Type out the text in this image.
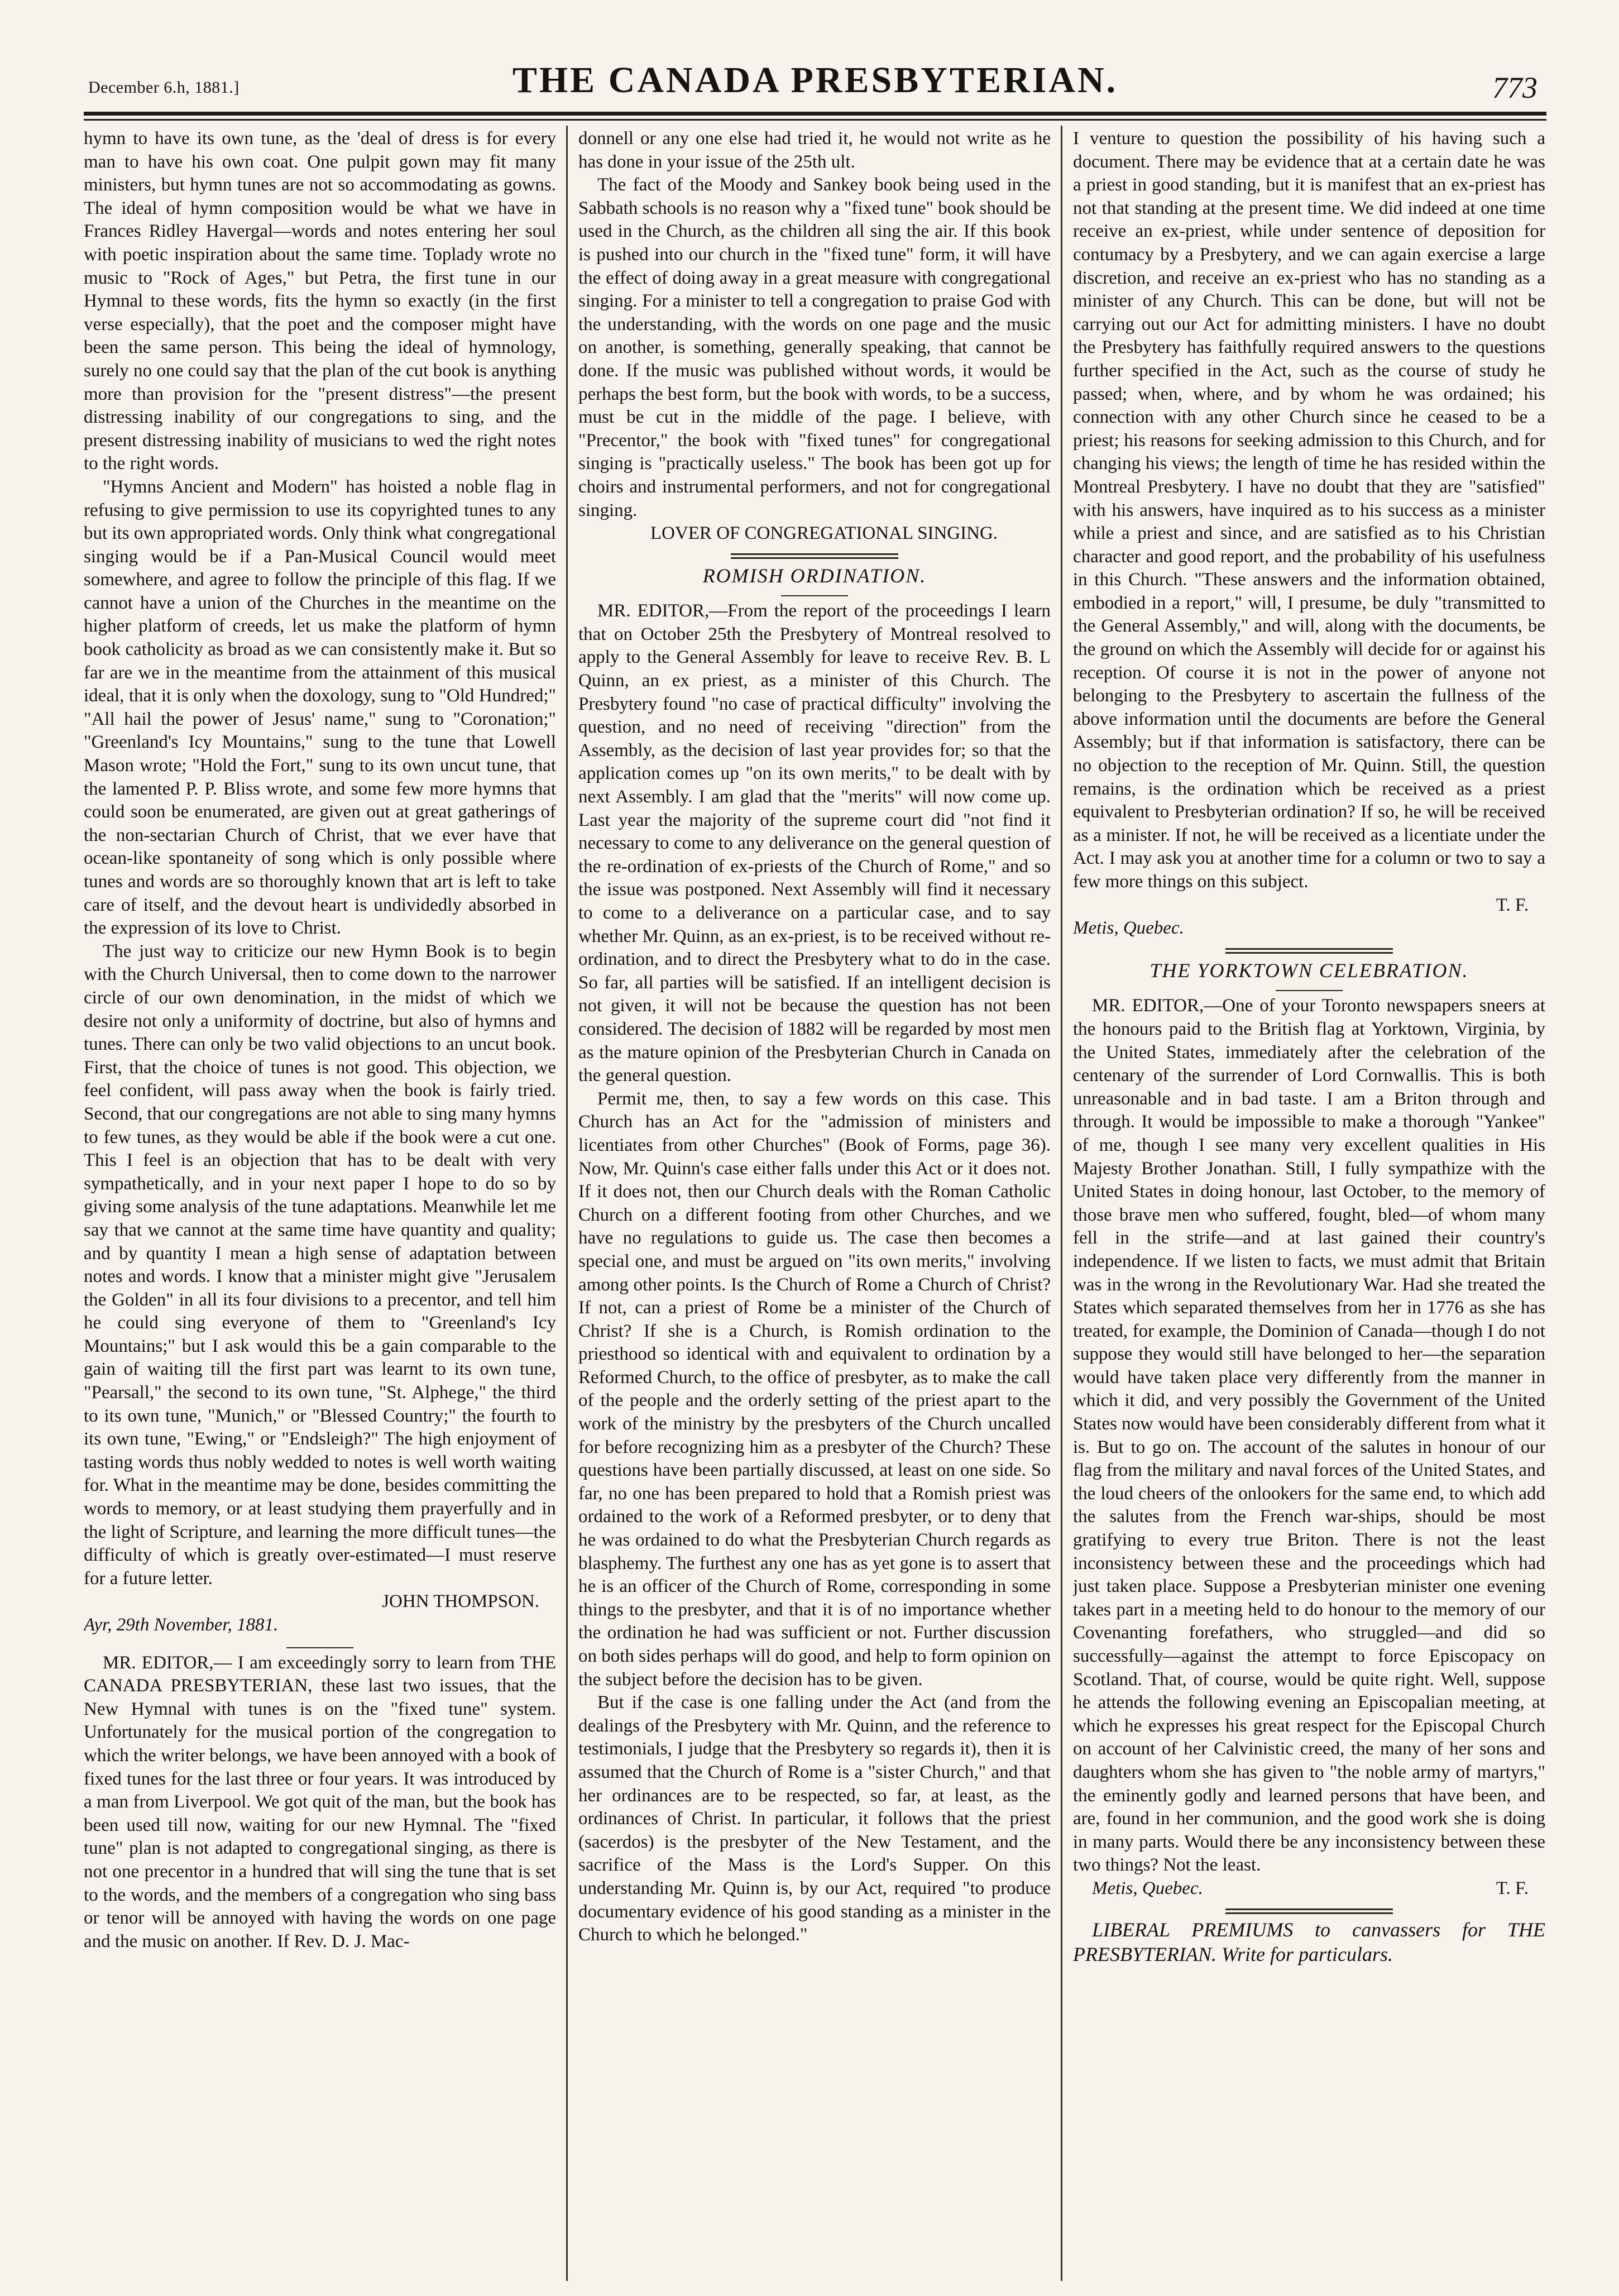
December 6.h, 1881.]	THE CANADA PRESBYTERIAN.	773

hymn to have its own tune, as the 'deal of dress is for every man to have his own coat. One pulpit gown may fit many ministers, but hymn tunes are not so accommodating as gowns. The ideal of hymn composition would be what we have in Frances Ridley Havergal—words and notes entering her soul with poetic inspiration about the same time. Toplady wrote no music to "Rock of Ages," but Petra, the first tune in our Hymnal to these words, fits the hymn so exactly (in the first verse especially), that the poet and the composer might have been the same person. This being the ideal of hymnology, surely no one could say that the plan of the cut book is anything more than provision for the "present distress"—the present distressing inability of our congregations to sing, and the present distressing inability of musicians to wed the right notes to the right words.

"Hymns Ancient and Modern" has hoisted a noble flag in refusing to give permission to use its copyrighted tunes to any but its own appropriated words. Only think what congregational singing would be if a Pan-Musical Council would meet somewhere, and agree to follow the principle of this flag. If we cannot have a union of the Churches in the meantime on the higher platform of creeds, let us make the platform of hymn book catholicity as broad as we can consistently make it. But so far are we in the meantime from the attainment of this musical ideal, that it is only when the doxology, sung to "Old Hundred;" "All hail the power of Jesus' name," sung to "Coronation;" "Greenland's Icy Mountains," sung to the tune that Lowell Mason wrote; "Hold the Fort," sung to its own uncut tune, that the lamented P. P. Bliss wrote, and some few more hymns that could soon be enumerated, are given out at great gatherings of the non-sectarian Church of Christ, that we ever have that ocean-like spontaneity of song which is only possible where tunes and words are so thoroughly known that art is left to take care of itself, and the devout heart is undividedly absorbed in the expression of its love to Christ.

The just way to criticize our new Hymn Book is to begin with the Church Universal, then to come down to the narrower circle of our own denomination, in the midst of which we desire not only a uniformity of doctrine, but also of hymns and tunes. There can only be two valid objections to an uncut book. First, that the choice of tunes is not good. This objection, we feel confident, will pass away when the book is fairly tried. Second, that our congregations are not able to sing many hymns to few tunes, as they would be able if the book were a cut one. This I feel is an objection that has to be dealt with very sympathetically, and in your next paper I hope to do so by giving some analysis of the tune adaptations. Meanwhile let me say that we cannot at the same time have quantity and quality; and by quantity I mean a high sense of adaptation between notes and words. I know that a minister might give "Jerusalem the Golden" in all its four divisions to a precentor, and tell him he could sing everyone of them to "Greenland's Icy Mountains;" but I ask would this be a gain comparable to the gain of waiting till the first part was learnt to its own tune, "Pearsall," the second to its own tune, "St. Alphege," the third to its own tune, "Munich," or "Blessed Country;" the fourth to its own tune, "Ewing," or "Endsleigh?" The high enjoyment of tasting words thus nobly wedded to notes is well worth waiting for. What in the meantime may be done, besides committing the words to memory, or at least studying them prayerfully and in the light of Scripture, and learning the more difficult tunes—the difficulty of which is greatly over-estimated—I must reserve for a future letter.

JOHN THOMPSON.

Ayr, 29th November, 1881.

MR. EDITOR,— I am exceedingly sorry to learn from THE CANADA PRESBYTERIAN, these last two issues, that the New Hymnal with tunes is on the "fixed tune" system. Unfortunately for the musical portion of the congregation to which the writer belongs, we have been annoyed with a book of fixed tunes for the last three or four years. It was introduced by a man from Liverpool. We got quit of the man, but the book has been used till now, waiting for our new Hymnal. The "fixed tune" plan is not adapted to congregational singing, as there is not one precentor in a hundred that will sing the tune that is set to the words, and the members of a congregation who sing bass or tenor will be annoyed with having the words on one page and the music on another. If Rev. D. J. Mac-

donnell or any one else had tried it, he would not write as he has done in your issue of the 25th ult.

The fact of the Moody and Sankey book being used in the Sabbath schools is no reason why a "fixed tune" book should be used in the Church, as the children all sing the air. If this book is pushed into our church in the "fixed tune" form, it will have the effect of doing away in a great measure with congregational singing. For a minister to tell a congregation to praise God with the understanding, with the words on one page and the music on another, is something, generally speaking, that cannot be done. If the music was published without words, it would be perhaps the best form, but the book with words, to be a success, must be cut in the middle of the page. I believe, with "Precentor," the book with "fixed tunes" for congregational singing is "practically useless." The book has been got up for choirs and instrumental performers, and not for congregational singing.

LOVER OF CONGREGATIONAL SINGING.

ROMISH ORDINATION.

MR. EDITOR,—From the report of the proceedings I learn that on October 25th the Presbytery of Montreal resolved to apply to the General Assembly for leave to receive Rev. B. L Quinn, an ex priest, as a minister of this Church. The Presbytery found "no case of practical difficulty" involving the question, and no need of receiving "direction" from the Assembly, as the decision of last year provides for; so that the application comes up "on its own merits," to be dealt with by next Assembly. I am glad that the "merits" will now come up. Last year the majority of the supreme court did "not find it necessary to come to any deliverance on the general question of the re-ordination of ex-priests of the Church of Rome," and so the issue was postponed. Next Assembly will find it necessary to come to a deliverance on a particular case, and to say whether Mr. Quinn, as an ex-priest, is to be received without re-ordination, and to direct the Presbytery what to do in the case. So far, all parties will be satisfied. If an intelligent decision is not given, it will not be because the question has not been considered. The decision of 1882 will be regarded by most men as the mature opinion of the Presbyterian Church in Canada on the general question.

Permit me, then, to say a few words on this case. This Church has an Act for the "admission of ministers and licentiates from other Churches" (Book of Forms, page 36). Now, Mr. Quinn's case either falls under this Act or it does not. If it does not, then our Church deals with the Roman Catholic Church on a different footing from other Churches, and we have no regulations to guide us. The case then becomes a special one, and must be argued on "its own merits," involving among other points. Is the Church of Rome a Church of Christ? If not, can a priest of Rome be a minister of the Church of Christ? If she is a Church, is Romish ordination to the priesthood so identical with and equivalent to ordination by a Reformed Church, to the office of presbyter, as to make the call of the people and the orderly setting of the priest apart to the work of the ministry by the presbyters of the Church uncalled for before recognizing him as a presbyter of the Church? These questions have been partially discussed, at least on one side. So far, no one has been prepared to hold that a Romish priest was ordained to the work of a Reformed presbyter, or to deny that he was ordained to do what the Presbyterian Church regards as blasphemy. The furthest any one has as yet gone is to assert that he is an officer of the Church of Rome, corresponding in some things to the presbyter, and that it is of no importance whether the ordination he had was sufficient or not. Further discussion on both sides perhaps will do good, and help to form opinion on the subject before the decision has to be given.

But if the case is one falling under the Act (and from the dealings of the Presbytery with Mr. Quinn, and the reference to testimonials, I judge that the Presbytery so regards it), then it is assumed that the Church of Rome is a "sister Church," and that her ordinances are to be respected, so far, at least, as the ordinances of Christ. In particular, it follows that the priest (sacerdos) is the presbyter of the New Testament, and the sacrifice of the Mass is the Lord's Supper. On this understanding Mr. Quinn is, by our Act, required "to produce documentary evidence of his good standing as a minister in the Church to which he belonged."

I venture to question the possibility of his having such a document. There may be evidence that at a certain date he was a priest in good standing, but it is manifest that an ex-priest has not that standing at the present time. We did indeed at one time receive an ex-priest, while under sentence of deposition for contumacy by a Presbytery, and we can again exercise a large discretion, and receive an ex-priest who has no standing as a minister of any Church. This can be done, but will not be carrying out our Act for admitting ministers. I have no doubt the Presbytery has faithfully required answers to the questions further specified in the Act, such as the course of study he passed; when, where, and by whom he was ordained; his connection with any other Church since he ceased to be a priest; his reasons for seeking admission to this Church, and for changing his views; the length of time he has resided within the Montreal Presbytery. I have no doubt that they are "satisfied" with his answers, have inquired as to his success as a minister while a priest and since, and are satisfied as to his Christian character and good report, and the probability of his usefulness in this Church. "These answers and the information obtained, embodied in a report," will, I presume, be duly "transmitted to the General Assembly," and will, along with the documents, be the ground on which the Assembly will decide for or against his reception. Of course it is not in the power of anyone not belonging to the Presbytery to ascertain the fullness of the above information until the documents are before the General Assembly; but if that information is satisfactory, there can be no objection to the reception of Mr. Quinn. Still, the question remains, is the ordination which be received as a priest equivalent to Presbyterian ordination? If so, he will be received as a minister. If not, he will be received as a licentiate under the Act. I may ask you at another time for a column or two to say a few more things on this subject.

T. F.

Metis, Quebec.

THE YORKTOWN CELEBRATION.

MR. EDITOR,—One of your Toronto newspapers sneers at the honours paid to the British flag at Yorktown, Virginia, by the United States, immediately after the celebration of the centenary of the surrender of Lord Cornwallis. This is both unreasonable and in bad taste. I am a Briton through and through. It would be impossible to make a thorough "Yankee" of me, though I see many very excellent qualities in His Majesty Brother Jonathan. Still, I fully sympathize with the United States in doing honour, last October, to the memory of those brave men who suffered, fought, bled—of whom many fell in the strife—and at last gained their country's independence. If we listen to facts, we must admit that Britain was in the wrong in the Revolutionary War. Had she treated the States which separated themselves from her in 1776 as she has treated, for example, the Dominion of Canada—though I do not suppose they would still have belonged to her—the separation would have taken place very differently from the manner in which it did, and very possibly the Government of the United States now would have been considerably different from what it is. But to go on. The account of the salutes in honour of our flag from the military and naval forces of the United States, and the loud cheers of the onlookers for the same end, to which add the salutes from the French war-ships, should be most gratifying to every true Briton. There is not the least inconsistency between these and the proceedings which had just taken place. Suppose a Presbyterian minister one evening takes part in a meeting held to do honour to the memory of our Covenanting forefathers, who struggled—and did so successfully—against the attempt to force Episcopacy on Scotland. That, of course, would be quite right. Well, suppose he attends the following evening an Episcopalian meeting, at which he expresses his great respect for the Episcopal Church on account of her Calvinistic creed, the many of her sons and daughters whom she has given to "the noble army of martyrs," the eminently godly and learned persons that have been, and are, found in her communion, and the good work she is doing in many parts. Would there be any inconsistency between these two things? Not the least.

Metis, Quebec.	T. F.

LIBERAL PREMIUMS to canvassers for THE PRESBYTERIAN. Write for particulars.
